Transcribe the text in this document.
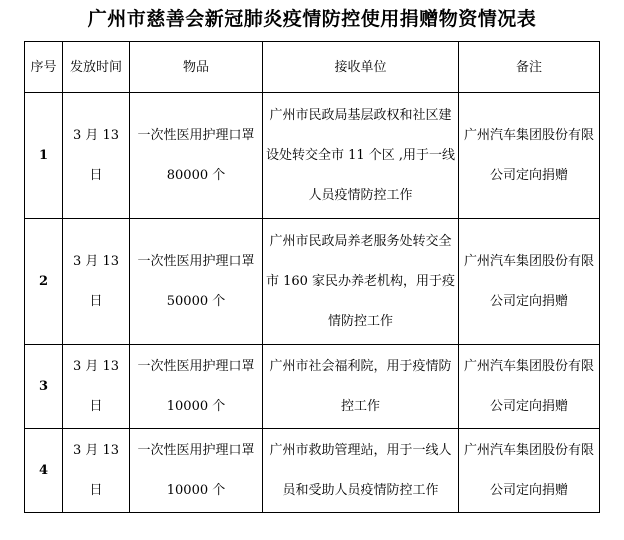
广州市慈善会新冠肺炎疫情防控使用捐赠物资情况表
序号	发放时间	物品	接收单位	备注
1	3 月 13 日	一次性医用护理口罩 80000 个	广州市民政局基层政权和社区建设处转交全市 11 个区 ,用于一线人员疫情防控工作	广州汽车集团股份有限公司定向捐赠
2	3 月 13 日	一次性医用护理口罩 50000 个	广州市民政局养老服务处转交全市 160 家民办养老机构，用于疫情防控工作	广州汽车集团股份有限公司定向捐赠
3	3 月 13 日	一次性医用护理口罩 10000 个	广州市社会福利院，用于疫情防控工作	广州汽车集团股份有限公司定向捐赠
4	3 月 13 日	一次性医用护理口罩 10000 个	广州市救助管理站，用于一线人员和受助人员疫情防控工作	广州汽车集团股份有限公司定向捐赠
